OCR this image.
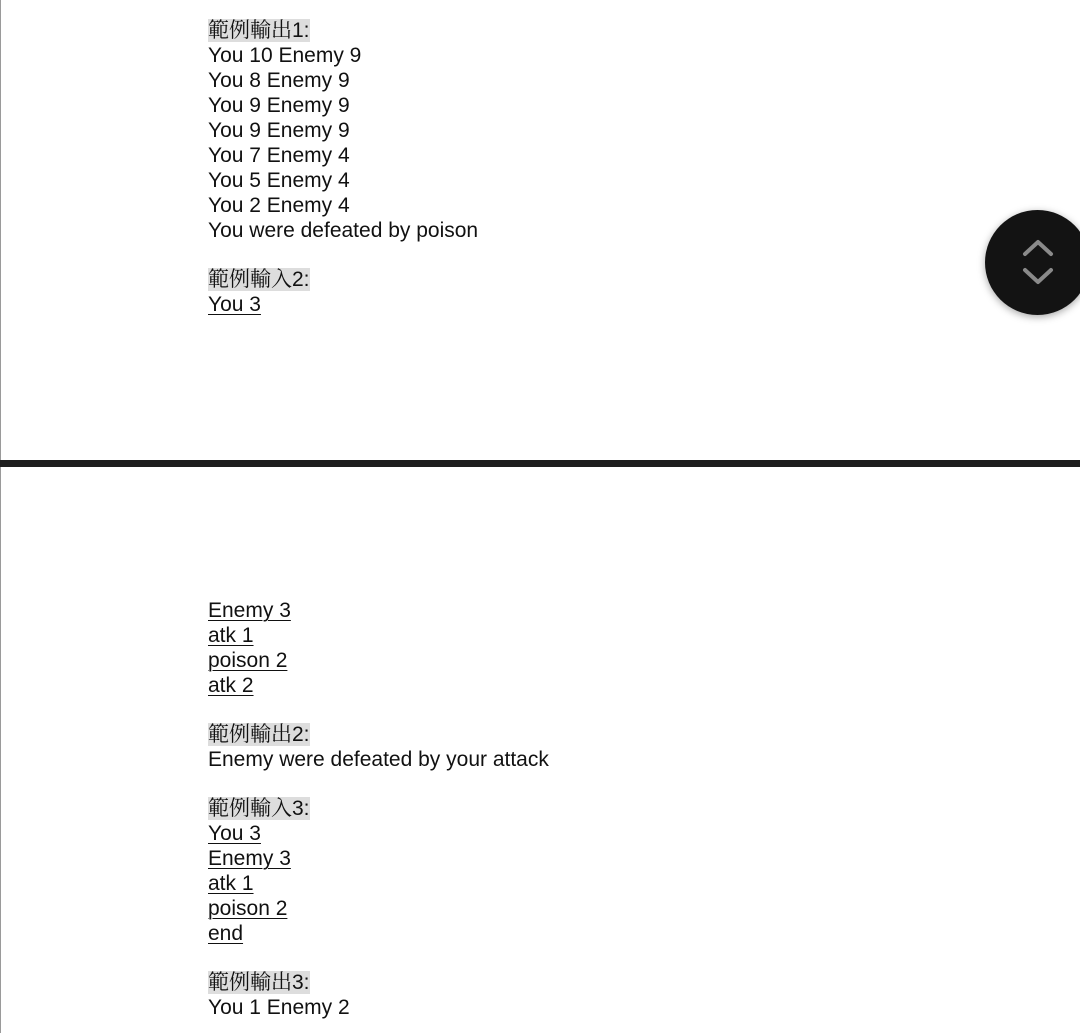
範例輸出1:
You 10 Enemy 9
You 8 Enemy 9
You 9 Enemy 9
You 9 Enemy 9
You 7 Enemy 4
You 5 Enemy 4
You 2 Enemy 4
You were defeated by poison
範例輸入2:
You 3
Enemy 3
atk 1
poison 2
atk 2
範例輸出2:
Enemy were defeated by your attack
範例輸入3:
You 3
Enemy 3
atk 1
poison 2
end
範例輸出3:
You 1 Enemy 2
